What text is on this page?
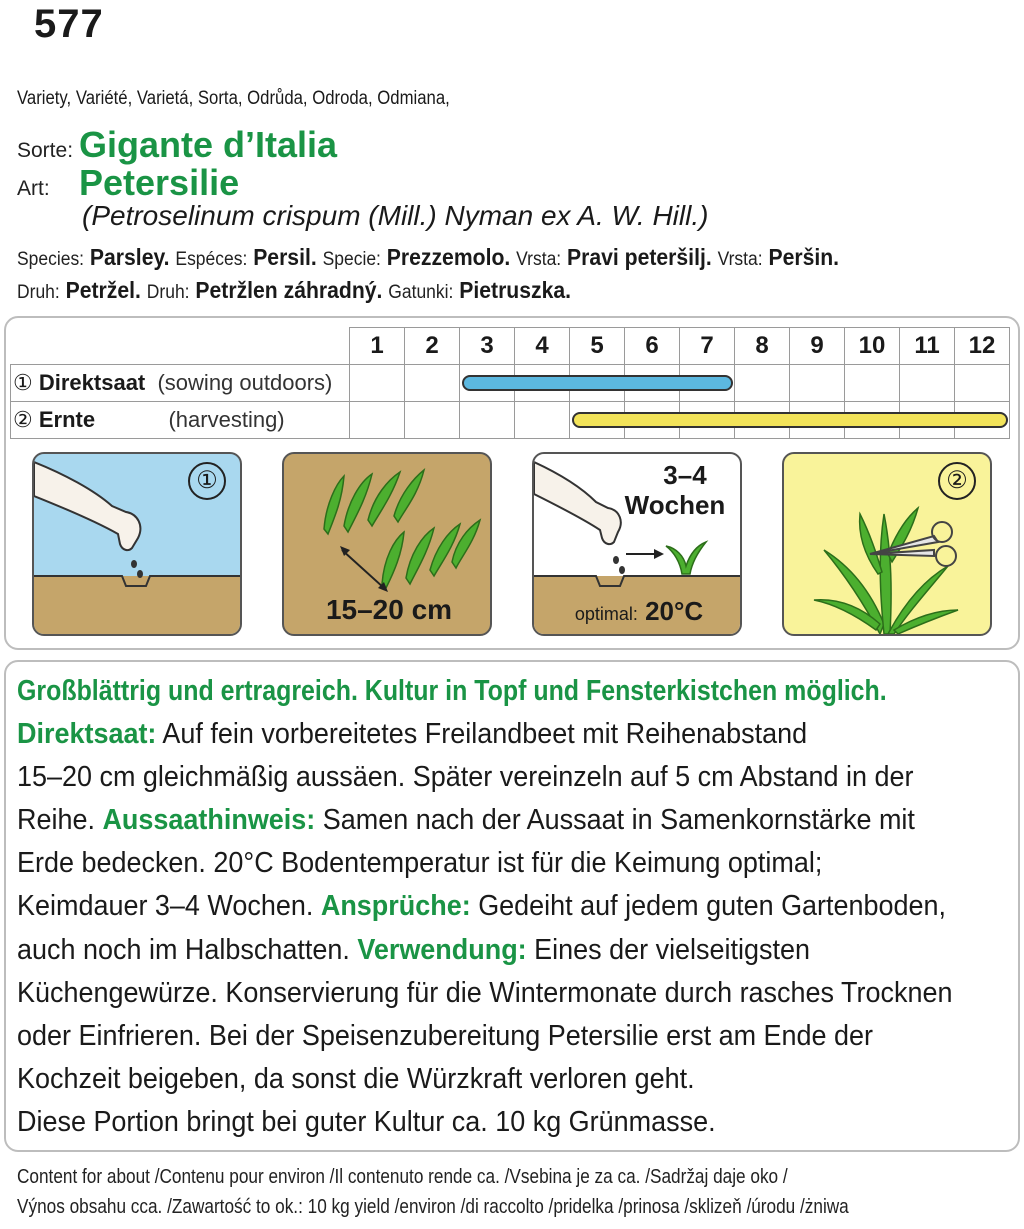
577
Variety, Variété, Varietá, Sorta, Odrůda, Odroda, Odmiana,
Sorte: Gigante d’Italia
Art: Petersilie
(Petroselinum crispum (Mill.) Nyman ex A. W. Hill.)
Species: Parsley. Espéces: Persil. Specie: Prezzemolo. Vrsta: Pravi peteršilj. Vrsta: Peršin.
Druh: Petržel. Druh: Petržlen záhradný. Gatunki: Pietruszka.
	1	2	3	4	5	6	7	8	9	10	11	12
① Direktsaat (sowing outdoors)												
② Ernte (harvesting)												
①
15–20 cm
3–4
Wochen
optimal: 20°C
②
Großblättrig und ertragreich. Kultur in Topf und Fensterkistchen möglich.
Direktsaat: Auf fein vorbereitetes Freilandbeet mit Reihenabstand
15–20 cm gleichmäßig aussäen. Später vereinzeln auf 5 cm Abstand in der
Reihe. Aussaathinweis: Samen nach der Aussaat in Samenkornstärke mit
Erde bedecken. 20°C Bodentemperatur ist für die Keimung optimal;
Keimdauer 3–4 Wochen. Ansprüche: Gedeiht auf jedem guten Gartenboden,
auch noch im Halbschatten. Verwendung: Eines der vielseitigsten
Küchengewürze. Konservierung für die Wintermonate durch rasches Trocknen
oder Einfrieren. Bei der Speisenzubereitung Petersilie erst am Ende der
Kochzeit beigeben, da sonst die Würzkraft verloren geht.
Diese Portion bringt bei guter Kultur ca. 10 kg Grünmasse.
Content for about /Contenu pour environ /Il contenuto rende ca. /Vsebina je za ca. /Sadržaj daje oko /
Výnos obsahu cca. /Zawartość to ok.: 10 kg yield /environ /di raccolto /pridelka /prinosa /sklizeň /úrodu /żniwa
